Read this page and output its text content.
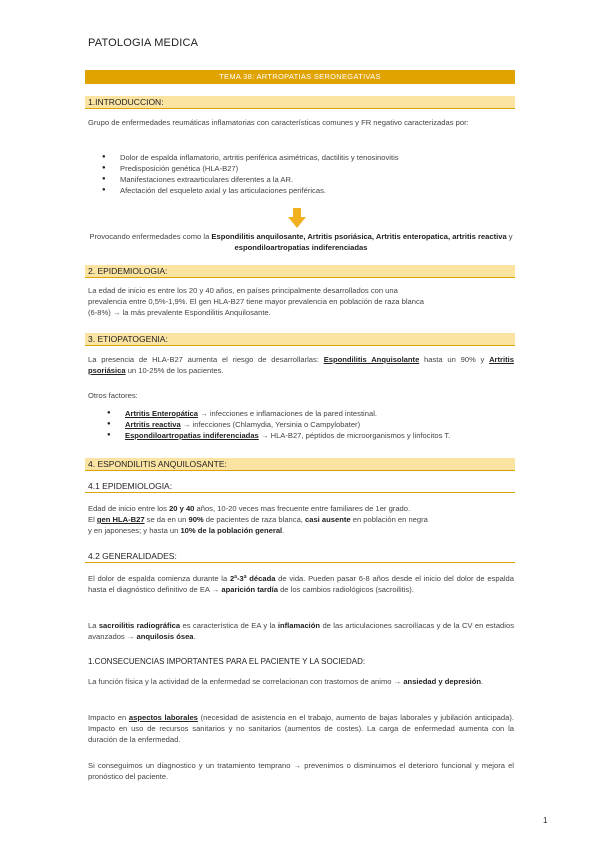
PATOLOGIA MEDICA
TEMA 38: ARTROPATIAS SERONEGATIVAS
1.INTRODUCCION:
Grupo de enfermedades reumáticas inflamatorias con características comunes y FR negativo caracterizadas por:
● Dolor de espalda inflamatorio, artritis periférica asimétricas, dactilitis y tenosinovitis
● Predisposición genética (HLA-B27)
● Manifestaciones extraarticulares diferentes a la AR.
● Afectación del esqueleto axial y las articulaciones periféricas.
Provocando enfermedades como la Espondilitis anquilosante, Artritis psoriásica, Artritis enteropatica, artritis reactiva y espondiloartropatias indiferenciadas
2. EPIDEMIOLOGIA:
La edad de inicio es entre los 20 y 40 años, en países principalmente desarrollados con una
prevalencia entre 0,5%-1,9%. El gen HLA-B27 tiene mayor prevalencia en población de raza blanca
(6-8%) → la más prevalente Espondilitis Anquilosante.
3. ETIOPATOGENIA:
La presencia de HLA-B27 aumenta el riesgo de desarrollarlas: Espondilitis Anquisolante hasta un 90% y Artritis psoriásica un 10-25% de los pacientes.
Otros factores:
● Artritis Enteropática → infecciones e inflamaciones de la pared intestinal.
● Artritis reactiva → infecciones (Chlamydia, Yersinia o Campylobater)
● Espondiloartropatias indiferenciadas → HLA-B27, péptidos de microorganismos y linfocitos T.
4. ESPONDILITIS ANQUILOSANTE:
4.1 EPIDEMIOLOGIA:
Edad de inicio entre los 20 y 40 años, 10-20 veces mas frecuente entre familiares de 1er grado.
El gen HLA-B27 se da en un 90% de pacientes de raza blanca, casi ausente en población en negra
y en japoneses; y hasta un 10% de la población general.
4.2 GENERALIDADES:
El dolor de espalda comienza durante la 2ª-3ª década de vida. Pueden pasar 6-8 años desde el inicio del dolor de espalda hasta el diagnóstico definitivo de EA → aparición tardía de los cambios radiológicos (sacroilitis).
La sacroilitis radiográfica es característica de EA y la inflamación de las articulaciones sacroilíacas y de la CV en estadios avanzados → anquilosis ósea.
1.CONSECUENCIAS IMPORTANTES PARA EL PACIENTE Y LA SOCIEDAD:
La función física y la actividad de la enfermedad se correlacionan con trastornos de animo → ansiedad y depresión.
Impacto en aspectos laborales (necesidad de asistencia en el trabajo, aumento de bajas laborales y jubilación anticipada). Impacto en uso de recursos sanitarios y no sanitarios (aumentos de costes). La carga de enfermedad aumenta con la duración de la enfermedad.
Si conseguimos un diagnostico y un tratamiento temprano → prevenimos o disminuimos el deterioro funcional y mejora el pronóstico del paciente.
1
